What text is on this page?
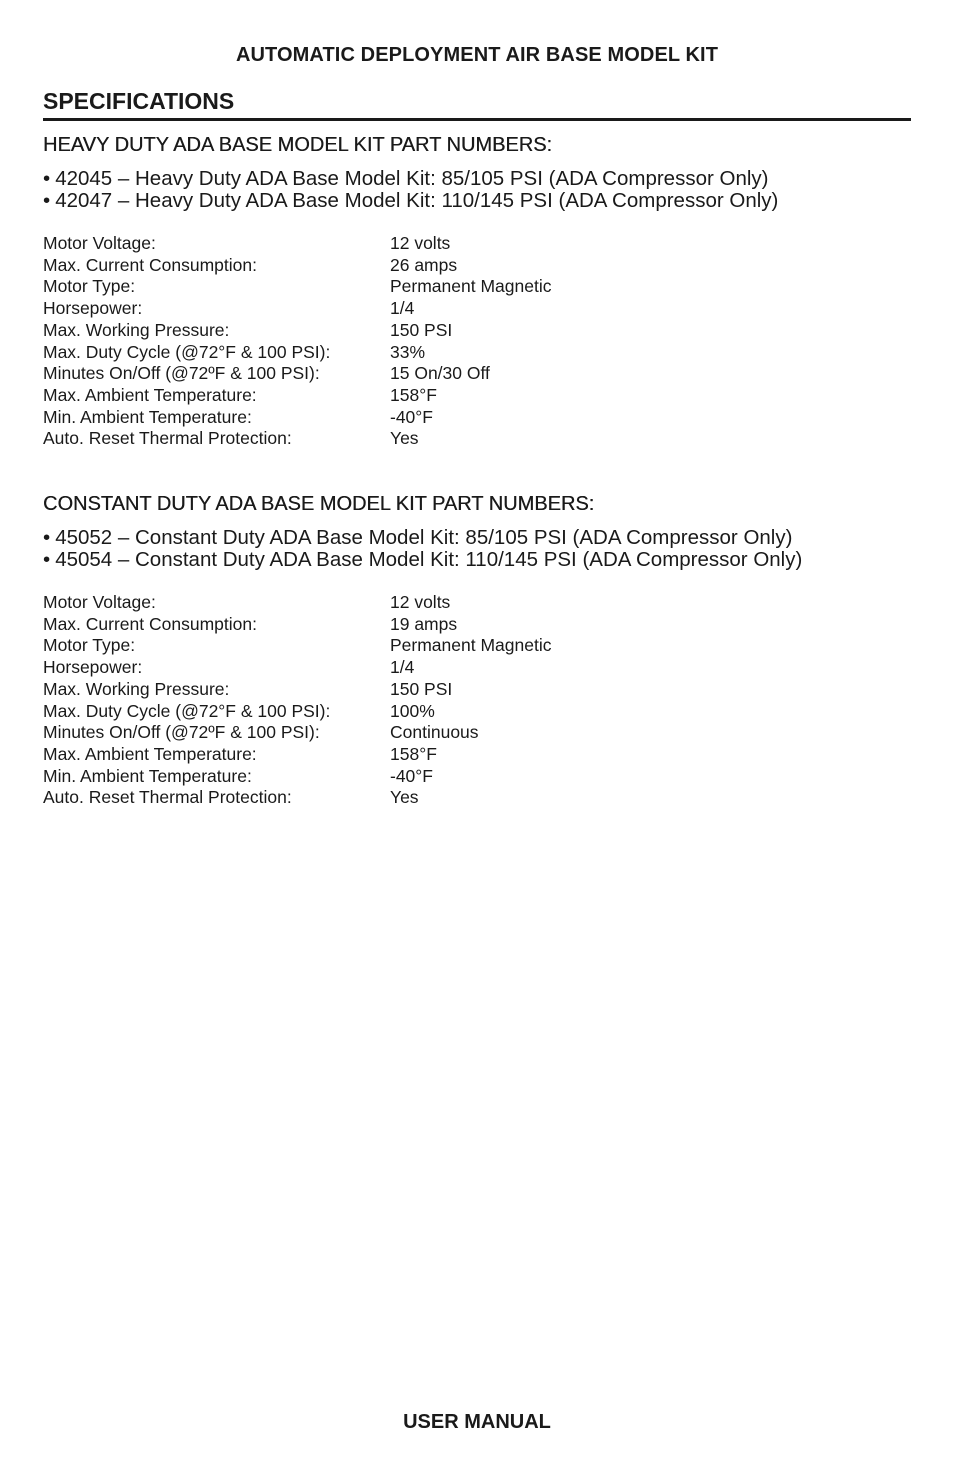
AUTOMATIC DEPLOYMENT AIR BASE MODEL KIT
SPECIFICATIONS
HEAVY DUTY ADA BASE MODEL KIT PART NUMBERS:
• 42045 – Heavy Duty ADA Base Model Kit: 85/105 PSI (ADA Compressor Only)
• 42047 – Heavy Duty ADA Base Model Kit: 110/145 PSI (ADA Compressor Only)
Motor Voltage:	12 volts
Max. Current Consumption:	26 amps
Motor Type:	Permanent Magnetic
Horsepower:	1/4
Max. Working Pressure:	150 PSI
Max. Duty Cycle (@72°F & 100 PSI):	33%
Minutes On/Off (@72ºF & 100 PSI):	15 On/30 Off
Max. Ambient Temperature:	158°F
Min. Ambient Temperature:	-40°F
Auto. Reset Thermal Protection:	Yes
CONSTANT DUTY ADA BASE MODEL KIT PART NUMBERS:
• 45052 – Constant Duty ADA Base Model Kit: 85/105 PSI (ADA Compressor Only)
• 45054 – Constant Duty ADA Base Model Kit: 110/145 PSI (ADA Compressor Only)
Motor Voltage:	12 volts
Max. Current Consumption:	19 amps
Motor Type:	Permanent Magnetic
Horsepower:	1/4
Max. Working Pressure:	150 PSI
Max. Duty Cycle (@72°F & 100 PSI):	100%
Minutes On/Off (@72ºF & 100 PSI):	Continuous
Max. Ambient Temperature:	158°F
Min. Ambient Temperature:	-40°F
Auto. Reset Thermal Protection:	Yes
USER MANUAL
